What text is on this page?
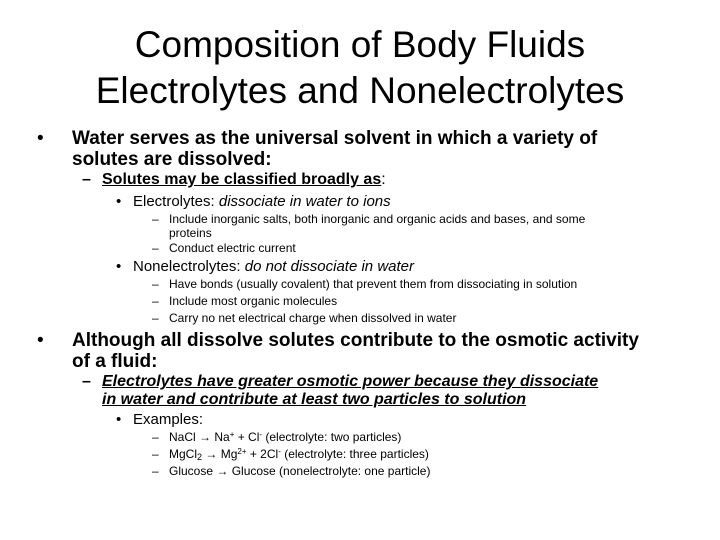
Composition of Body Fluids
Electrolytes and Nonelectrolytes
• Water serves as the universal solvent in which a variety of
solutes are dissolved:
– Solutes may be classified broadly as:
• Electrolytes: dissociate in water to ions
– Include inorganic salts, both inorganic and organic acids and bases, and some
proteins
– Conduct electric current
• Nonelectrolytes: do not dissociate in water
– Have bonds (usually covalent) that prevent them from dissociating in solution
– Include most organic molecules
– Carry no net electrical charge when dissolved in water
• Although all dissolve solutes contribute to the osmotic activity
of a fluid:
– Electrolytes have greater osmotic power because they dissociate
in water and contribute at least two particles to solution
• Examples:
– NaCl → Na+ + Cl- (electrolyte: two particles)
– MgCl$_2$ → $Mg^{2+} + 2Cl^-$ (electrolyte: three particles)
– Glucose → Glucose (nonelectrolyte: one particle)
